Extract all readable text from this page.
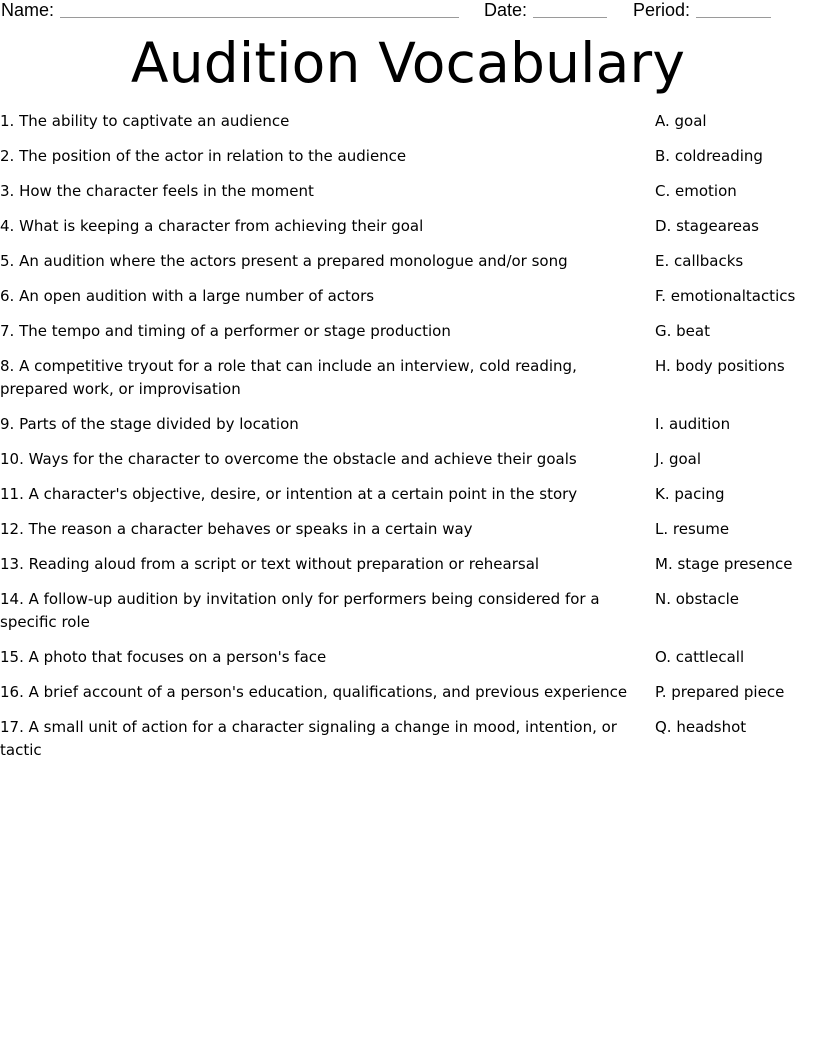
Name:	Date:	Period:
Audition Vocabulary
1. The ability to captivate an audience	A. goal
2. The position of the actor in relation to the audience	B. coldreading
3. How the character feels in the moment	C. emotion
4. What is keeping a character from achieving their goal	D. stageareas
5. An audition where the actors present a prepared monologue and/or song	E. callbacks
6. An open audition with a large number of actors	F. emotionaltactics
7. The tempo and timing of a performer or stage production	G. beat
8. A competitive tryout for a role that can include an interview, cold reading, prepared work, or improvisation
H. body positions
9. Parts of the stage divided by location	I. audition
10. Ways for the character to overcome the obstacle and achieve their goals	J. goal
11. A character's objective, desire, or intention at a certain point in the story	K. pacing
12. The reason a character behaves or speaks in a certain way	L. resume
13. Reading aloud from a script or text without preparation or rehearsal	M. stage presence
14. A follow-up audition by invitation only for performers being considered for a specific role
N. obstacle
15. A photo that focuses on a person's face	O. cattlecall
16. A brief account of a person's education, qualifications, and previous experience	P. prepared piece
17. A small unit of action for a character signaling a change in mood, intention, or tactic
Q. headshot
